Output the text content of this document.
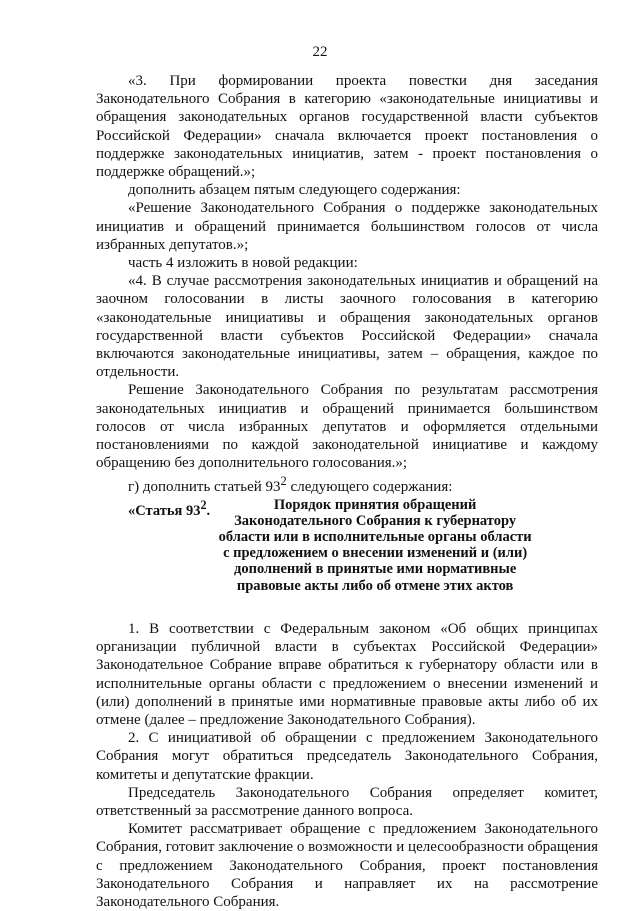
22

«3. При формировании проекта повестки дня заседания Законодательного Собрания в категорию «законодательные инициативы и обращения законодательных органов государственной власти субъектов Российской Федерации» сначала включается проект постановления о поддержке законодательных инициатив, затем - проект постановления о поддержке обращений.»;

дополнить абзацем пятым следующего содержания:

«Решение Законодательного Собрания о поддержке законодательных инициатив и обращений принимается большинством голосов от числа избранных депутатов.»;

часть 4 изложить в новой редакции:

«4. В случае рассмотрения законодательных инициатив и обращений на заочном голосовании в листы заочного голосования в категорию «законодательные инициативы и обращения законодательных органов государственной власти субъектов Российской Федерации» сначала включаются законодательные инициативы, затем – обращения, каждое по отдельности.

Решение Законодательного Собрания по результатам рассмотрения законодательных инициатив и обращений принимается большинством голосов от числа избранных депутатов и оформляется отдельными постановлениями по каждой законодательной инициативе и каждому обращению без дополнительного голосования.»;

г) дополнить статьей $93^2$ следующего содержания:

«Статья $93^2$.	Порядок принятия обращений Законодательного Собрания к губернатору области или в исполнительные органы области с предложением о внесении изменений и (или) дополнений в принятые ими нормативные правовые акты либо об отмене этих актов

1. В соответствии с Федеральным законом «Об общих принципах организации публичной власти в субъектах Российской Федерации» Законодательное Собрание вправе обратиться к губернатору области или в исполнительные органы области с предложением о внесении изменений и (или) дополнений в принятые ими нормативные правовые акты либо об их отмене (далее – предложение Законодательного Собрания).

2. С инициативой об обращении с предложением Законодательного Собрания могут обратиться председатель Законодательного Собрания, комитеты и депутатские фракции.

Председатель Законодательного Собрания определяет комитет, ответственный за рассмотрение данного вопроса.

Комитет рассматривает обращение с предложением Законодательного Собрания, готовит заключение о возможности и целесообразности обращения с предложением Законодательного Собрания, проект постановления Законодательного Собрания и направляет их на рассмотрение Законодательного Собрания.
